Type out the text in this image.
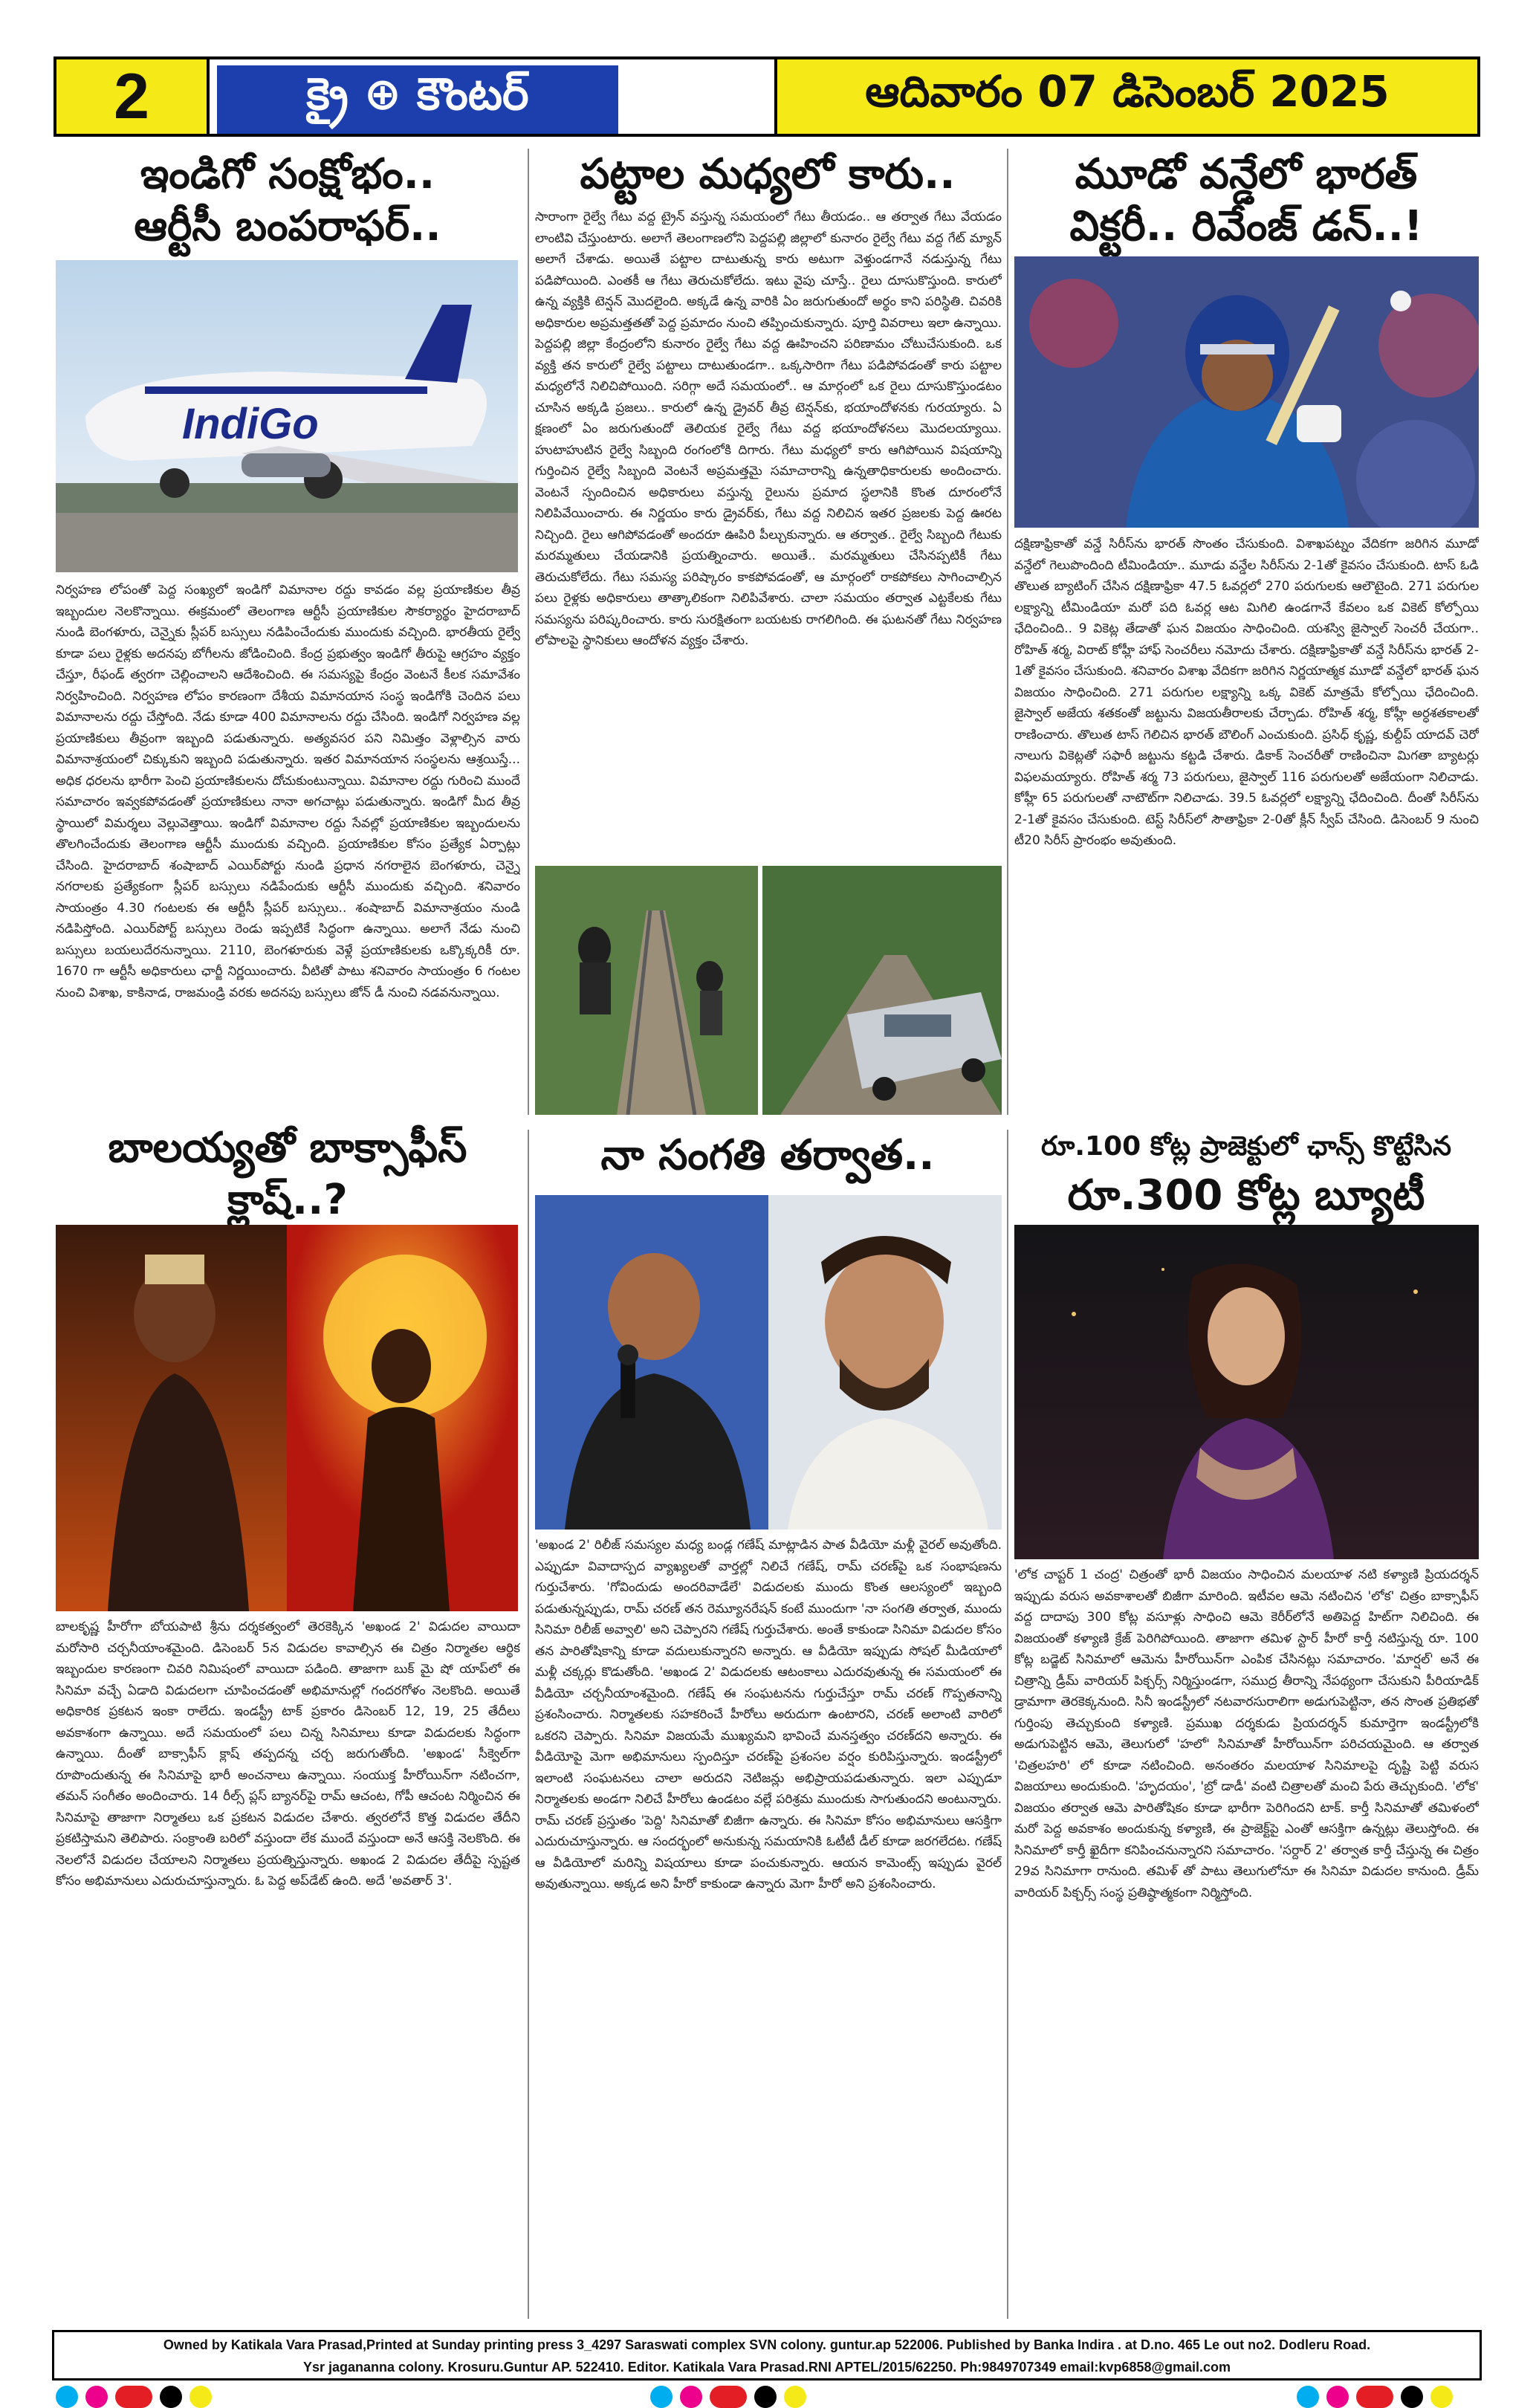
2	క్రై ⊕ కౌంటర్	ఆదివారం 07 డిసెంబర్ 2025
ఇండిగో సంక్షోభం..
ఆర్టీసీ బంపరాఫర్..
IndiGo

నిర్వహణ లోపంతో పెద్ద సంఖ్యలో ఇండిగో విమానాల రద్దు కావడం వల్ల ప్రయాణికుల తీవ్ర ఇబ్బందుల నెలకొన్నాయి. ఈక్రమంలో తెలంగాణ ఆర్టీసీ ప్రయాణికుల సౌకర్యార్థం హైదరాబాద్ నుండి బెంగళూరు, చెన్నైకు స్లీపర్ బస్సులు నడిపించేందుకు ముందుకు వచ్చింది. భారతీయ రైల్వే కూడా పలు రైళ్లకు అదనపు బోగీలను జోడించింది. కేంద్ర ప్రభుత్వం ఇండిగో తీరుపై ఆగ్రహం వ్యక్తం చేస్తూ, రీఫండ్ త్వరగా చెల్లించాలని ఆదేశించింది. ఈ సమస్యపై కేంద్రం వెంటనే కీలక సమావేశం నిర్వహించింది. నిర్వహణ లోపం కారణంగా దేశీయ విమానయాన సంస్థ ఇండిగోకి చెందిన పలు విమానాలను రద్దు చేస్తోంది. నేడు కూడా 400 విమానాలను రద్దు చేసింది. ఇండిగో నిర్వహణ వల్ల ప్రయాణికులు తీవ్రంగా ఇబ్బంది పడుతున్నారు. అత్యవసర పని నిమిత్తం వెళ్లాల్సిన వారు విమానాశ్రయంలో చిక్కుకుని ఇబ్బంది పడుతున్నారు. ఇతర విమానయాన సంస్థలను ఆశ్రయిస్తే... అధిక ధరలను భారీగా పెంచి ప్రయాణికులను దోచుకుంటున్నాయి. విమానాల రద్దు గురించి ముందే సమాచారం ఇవ్వకపోవడంతో ప్రయాణికులు నానా అగచాట్లు పడుతున్నారు. ఇండిగో మీద తీవ్ర స్థాయిలో విమర్శలు వెల్లువెత్తాయి. ఇండిగో విమానాల రద్దు సేవల్లో ప్రయాణికుల ఇబ్బందులను తొలగించేందుకు తెలంగాణ ఆర్టీసీ ముందుకు వచ్చింది. ప్రయాణికుల కోసం ప్రత్యేక ఏర్పాట్లు చేసింది. హైదరాబాద్ శంషాబాద్ ఎయిర్‌పోర్టు నుండి ప్రధాన నగరాలైన బెంగళూరు, చెన్నై నగరాలకు ప్రత్యేకంగా స్లీపర్ బస్సులు నడిపేందుకు ఆర్టీసీ ముందుకు వచ్చింది. శనివారం సాయంత్రం 4.30 గంటలకు ఈ ఆర్టీసీ స్లీపర్ బస్సులు.. శంషాబాద్ విమానాశ్రయం నుండి నడిపిస్తోంది. ఎయిర్‌పోర్ట్ బస్సులు రెండు ఇప్పటికే సిద్ధంగా ఉన్నాయి. అలాగే నేడు నుంచి బస్సులు బయలుదేరనున్నాయి. 2110, బెంగళూరుకు వెళ్లే ప్రయాణికులకు ఒక్కొక్కరికీ రూ. 1670 గా ఆర్టీసీ అధికారులు ఛార్జీ నిర్ణయించారు. వీటితో పాటు శనివారం సాయంత్రం 6 గంటల నుంచి విశాఖ, కాకినాడ, రాజమండ్రి వరకు అదనపు బస్సులు జోన్ డీ నుంచి నడవనున్నాయి.

పట్టాల మధ్యలో కారు..

సారాంగా రైల్వే గేటు వద్ద ట్రైన్ వస్తున్న సమయంలో గేటు తీయడం.. ఆ తర్వాత గేటు వేయడం లాంటివి చేస్తుంటారు. అలాగే తెలంగాణలోని పెద్దపల్లి జిల్లాలో కునారం రైల్వే గేటు వద్ద గేట్ మ్యాన్ అలాగే చేశాడు. అయితే పట్టాల దాటుతున్న కారు అటుగా వెళ్తుండగానే నడుస్తున్న గేటు పడిపోయింది. ఎంతకీ ఆ గేటు తెరుచుకోలేదు. ఇటు వైపు చూస్తే.. రైలు దూసుకొస్తుంది. కారులో ఉన్న వ్యక్తికి టెన్షన్ మొదలైంది. అక్కడే ఉన్న వారికి ఏం జరుగుతుందో అర్థం కాని పరిస్థితి. చివరికి అధికారుల అప్రమత్తతతో పెద్ద ప్రమాదం నుంచి తప్పించుకున్నారు. పూర్తి వివరాలు ఇలా ఉన్నాయి. పెద్దపల్లి జిల్లా కేంద్రంలోని కునారం రైల్వే గేటు వద్ద ఊహించని పరిణామం చోటుచేసుకుంది. ఒక వ్యక్తి తన కారులో రైల్వే పట్టాలు దాటుతుండగా.. ఒక్కసారిగా గేటు పడిపోవడంతో కారు పట్టాల మధ్యలోనే నిలిచిపోయింది. సరిగ్గా అదే సమయంలో.. ఆ మార్గంలో ఒక రైలు దూసుకొస్తుండటం చూసిన అక్కడి ప్రజలు.. కారులో ఉన్న డ్రైవర్ తీవ్ర టెన్షన్‌కు, భయాందోళనకు గురయ్యారు. ఏ క్షణంలో ఏం జరుగుతుందో తెలియక రైల్వే గేటు వద్ద భయాందోళనలు మొదలయ్యాయి. హుటాహుటిన రైల్వే సిబ్బంది రంగంలోకి దిగారు. గేటు మధ్యలో కారు ఆగిపోయిన విషయాన్ని గుర్తించిన రైల్వే సిబ్బంది వెంటనే అప్రమత్తమై సమాచారాన్ని ఉన్నతాధికారులకు అందించారు. వెంటనే స్పందించిన అధికారులు వస్తున్న రైలును ప్రమాద స్థలానికి కొంత దూరంలోనే నిలిపివేయించారు. ఈ నిర్ణయం కారు డ్రైవర్‌కు, గేటు వద్ద నిలిచిన ఇతర ప్రజలకు పెద్ద ఊరట నిచ్చింది. రైలు ఆగిపోవడంతో అందరూ ఊపిరి పీల్చుకున్నారు. ఆ తర్వాత.. రైల్వే సిబ్బంది గేటుకు మరమ్మతులు చేయడానికి ప్రయత్నించారు. అయితే.. మరమ్మతులు చేసినప్పటికీ గేటు తెరుచుకోలేదు. గేటు సమస్య పరిష్కారం కాకపోవడంతో, ఆ మార్గంలో రాకపోకలు సాగించాల్సిన పలు రైళ్లకు అధికారులు తాత్కాలికంగా నిలిపివేశారు. చాలా సమయం తర్వాత ఎట్టకేలకు గేటు సమస్యను పరిష్కరించారు. కారు సురక్షితంగా బయటకు రాగలిగింది. ఈ ఘటనతో గేటు నిర్వహణ లోపాలపై స్థానికులు ఆందోళన వ్యక్తం చేశారు.

మూడో వన్డేలో భారత్
విక్టరీ.. రివేంజ్ డన్..!

దక్షిణాఫ్రికాతో వన్డే సిరీస్‌ను భారత్ సొంతం చేసుకుంది. విశాఖపట్నం వేదికగా జరిగిన మూడో వన్డేలో గెలుపొందింది టీమిండియా.. మూడు వన్డేల సిరీస్‌ను 2-1తో కైవసం చేసుకుంది. టాస్ ఓడి తొలుత బ్యాటింగ్ చేసిన దక్షిణాఫ్రికా 47.5 ఓవర్లలో 270 పరుగులకు ఆలౌటైంది. 271 పరుగుల లక్ష్యాన్ని టీమిండియా మరో పది ఓవర్ల ఆట మిగిలి ఉండగానే కేవలం ఒక వికెట్ కోల్పోయి ఛేదించింది.. 9 వికెట్ల తేడాతో ఘన విజయం సాధించింది. యశస్వి జైస్వాల్ సెంచరీ చేయగా.. రోహిత్ శర్మ, విరాట్ కోహ్లీ హాఫ్ సెంచరీలు నమోదు చేశారు. దక్షిణాఫ్రికాతో వన్డే సిరీస్‌ను భారత్ 2-1తో కైవసం చేసుకుంది. శనివారం విశాఖ వేదికగా జరిగిన నిర్ణయాత్మక మూడో వన్డేలో భారత్ ఘన విజయం సాధించింది. 271 పరుగుల లక్ష్యాన్ని ఒక్క వికెట్ మాత్రమే కోల్పోయి ఛేదించింది. జైస్వాల్ అజేయ శతకంతో జట్టును విజయతీరాలకు చేర్చాడు. రోహిత్ శర్మ, కోహ్లీ అర్ధశతకాలతో రాణించారు. తొలుత టాస్ గెలిచిన భారత్ బౌలింగ్ ఎంచుకుంది. ప్రసిధ్ కృష్ణ, కుల్దీప్ యాదవ్ చెరో నాలుగు వికెట్లతో సఫారీ జట్టును కట్టడి చేశారు. డికాక్ సెంచరీతో రాణించినా మిగతా బ్యాటర్లు విఫలమయ్యారు. రోహిత్ శర్మ 73 పరుగులు, జైస్వాల్ 116 పరుగులతో అజేయంగా నిలిచాడు. కోహ్లీ 65 పరుగులతో నాటౌట్‌గా నిలిచాడు. 39.5 ఓవర్లలో లక్ష్యాన్ని ఛేదించింది. దీంతో సిరీస్‌ను 2-1తో కైవసం చేసుకుంది. టెస్ట్ సిరీస్‌లో సౌతాఫ్రికా 2-0తో క్లీన్ స్వీప్ చేసింది. డిసెంబర్ 9 నుంచి టీ20 సిరీస్ ప్రారంభం అవుతుంది.

బాలయ్యతో బాక్సాఫీస్
క్లాష్..?

బాలకృష్ణ హీరోగా బోయపాటి శ్రీను దర్శకత్వంలో తెరకెక్కిన 'అఖండ 2' విడుదల వాయిదా మరోసారి చర్చనీయాంశమైంది. డిసెంబర్ 5న విడుదల కావాల్సిన ఈ చిత్రం నిర్మాతల ఆర్థిక ఇబ్బందుల కారణంగా చివరి నిమిషంలో వాయిదా పడింది. తాజాగా బుక్ మై షో యాప్‌లో ఈ సినిమా వచ్చే ఏడాది విడుదలగా చూపించడంతో అభిమానుల్లో గందరగోళం నెలకొంది. అయితే అధికారిక ప్రకటన ఇంకా రాలేదు. ఇండస్ట్రీ టాక్ ప్రకారం డిసెంబర్ 12, 19, 25 తేదీలు అవకాశంగా ఉన్నాయి. అదే సమయంలో పలు చిన్న సినిమాలు కూడా విడుదలకు సిద్ధంగా ఉన్నాయి. దీంతో బాక్సాఫీస్ క్లాష్ తప్పదన్న చర్చ జరుగుతోంది. 'అఖండ' సీక్వెల్‌గా రూపొందుతున్న ఈ సినిమాపై భారీ అంచనాలు ఉన్నాయి. సంయుక్త హీరోయిన్‌గా నటించగా, తమన్ సంగీతం అందించారు. 14 రీల్స్ ప్లస్ బ్యానర్‌పై రామ్ ఆచంట, గోపీ ఆచంట నిర్మించిన ఈ సినిమాపై తాజాగా నిర్మాతలు ఒక ప్రకటన విడుదల చేశారు. త్వరలోనే కొత్త విడుదల తేదీని ప్రకటిస్తామని తెలిపారు. సంక్రాంతి బరిలో వస్తుందా లేక ముందే వస్తుందా అనే ఆసక్తి నెలకొంది. ఈ నెలలోనే విడుదల చేయాలని నిర్మాతలు ప్రయత్నిస్తున్నారు. అఖండ 2 విడుదల తేదీపై స్పష్టత కోసం అభిమానులు ఎదురుచూస్తున్నారు. ఓ పెద్ద అప్‌డేట్ ఉంది. అదే 'అవతార్ 3'.

నా సంగతి తర్వాత..

'అఖండ 2' రిలీజ్ సమస్యల మధ్య బండ్ల గణేష్ మాట్లాడిన పాత వీడియో మళ్లీ వైరల్ అవుతోంది. ఎప్పుడూ వివాదాస్పద వ్యాఖ్యలతో వార్తల్లో నిలిచే గణేష్, రామ్ చరణ్‌పై ఒక సంభాషణను గుర్తుచేశారు. 'గోవిందుడు అందరివాడేలే' విడుదలకు ముందు కొంత ఆలస్యంలో ఇబ్బంది పడుతున్నప్పుడు, రామ్ చరణ్ తన రెమ్యూనరేషన్ కంటే ముందుగా 'నా సంగతి తర్వాత, ముందు సినిమా రిలీజ్ అవ్వాలి' అని చెప్పారని గణేష్ గుర్తుచేశారు. అంతే కాకుండా సినిమా విడుదల కోసం తన పారితోషికాన్ని కూడా వదులుకున్నారని అన్నారు. ఆ వీడియో ఇప్పుడు సోషల్ మీడియాలో మళ్లీ చక్కర్లు కొడుతోంది. 'అఖండ 2' విడుదలకు ఆటంకాలు ఎదురవుతున్న ఈ సమయంలో ఈ వీడియో చర్చనీయాంశమైంది. గణేష్ ఈ సంఘటనను గుర్తుచేస్తూ రామ్ చరణ్ గొప్పతనాన్ని ప్రశంసించారు. నిర్మాతలకు సహకరించే హీరోలు అరుదుగా ఉంటారని, చరణ్ అలాంటి వారిలో ఒకరని చెప్పారు. సినిమా విజయమే ముఖ్యమని భావించే మనస్తత్వం చరణ్‌దని అన్నారు. ఈ వీడియోపై మెగా అభిమానులు స్పందిస్తూ చరణ్‌పై ప్రశంసల వర్షం కురిపిస్తున్నారు. ఇండస్ట్రీలో ఇలాంటి సంఘటనలు చాలా అరుదని నెటిజన్లు అభిప్రాయపడుతున్నారు. ఇలా ఎప్పుడూ నిర్మాతలకు అండగా నిలిచే హీరోలు ఉండటం వల్లే పరిశ్రమ ముందుకు సాగుతుందని అంటున్నారు. రామ్ చరణ్ ప్రస్తుతం 'పెద్ది' సినిమాతో బిజీగా ఉన్నారు. ఈ సినిమా కోసం అభిమానులు ఆసక్తిగా ఎదురుచూస్తున్నారు. ఆ సందర్భంలో అనుకున్న సమయానికి ఓటీటీ డీల్ కూడా జరగలేదట. గణేష్ ఆ వీడియోలో మరిన్ని విషయాలు కూడా పంచుకున్నారు. ఆయన కామెంట్స్ ఇప్పుడు వైరల్ అవుతున్నాయి. అక్కడ అని హీరో కాకుండా ఉన్నారు మెగా హీరో అని ప్రశంసించారు.

రూ.100 కోట్ల ప్రాజెక్టులో ఛాన్స్ కొట్టేసిన
రూ.300 కోట్ల బ్యూటీ

'లోక చాప్టర్ 1 చంద్ర' చిత్రంతో భారీ విజయం సాధించిన మలయాళ నటి కళ్యాణి ప్రియదర్శన్ ఇప్పుడు వరుస అవకాశాలతో బిజీగా మారింది. ఇటీవల ఆమె నటించిన 'లోక' చిత్రం బాక్సాఫీస్ వద్ద దాదాపు 300 కోట్ల వసూళ్లు సాధించి ఆమె కెరీర్‌లోనే అతిపెద్ద హిట్‌గా నిలిచింది. ఈ విజయంతో కళ్యాణి క్రేజ్ పెరిగిపోయింది. తాజాగా తమిళ స్టార్ హీరో కార్తీ నటిస్తున్న రూ. 100 కోట్ల బడ్జెట్ సినిమాలో ఆమెను హీరోయిన్‌గా ఎంపిక చేసినట్లు సమాచారం. 'మార్షల్' అనే ఈ చిత్రాన్ని డ్రీమ్ వారియర్ పిక్చర్స్ నిర్మిస్తుండగా, సముద్ర తీరాన్ని నేపథ్యంగా చేసుకుని పీరియాడిక్ డ్రామాగా తెరకెక్కనుంది. సినీ ఇండస్ట్రీలో నటవారసురాలిగా అడుగుపెట్టినా, తన సొంత ప్రతిభతో గుర్తింపు తెచ్చుకుంది కళ్యాణి. ప్రముఖ దర్శకుడు ప్రియదర్శన్ కుమార్తెగా ఇండస్ట్రీలోకి అడుగుపెట్టిన ఆమె, తెలుగులో 'హలో' సినిమాతో హీరోయిన్‌గా పరిచయమైంది. ఆ తర్వాత 'చిత్రలహరి' లో కూడా నటించింది. అనంతరం మలయాళ సినిమాలపై దృష్టి పెట్టి వరుస విజయాలు అందుకుంది. 'హృదయం', 'బ్రో డాడీ' వంటి చిత్రాలతో మంచి పేరు తెచ్చుకుంది. 'లోక' విజయం తర్వాత ఆమె పారితోషికం కూడా భారీగా పెరిగిందని టాక్. కార్తీ సినిమాతో తమిళంలో మరో పెద్ద అవకాశం అందుకున్న కళ్యాణి, ఈ ప్రాజెక్ట్‌పై ఎంతో ఆసక్తిగా ఉన్నట్లు తెలుస్తోంది. ఈ సినిమాలో కార్తీ ఖైదీగా కనిపించనున్నారని సమాచారం. 'సర్దార్ 2' తర్వాత కార్తీ చేస్తున్న ఈ చిత్రం 29వ సినిమాగా రానుంది. తమిళ్ తో పాటు తెలుగులోనూ ఈ సినిమా విడుదల కానుంది. డ్రీమ్ వారియర్ పిక్చర్స్ సంస్థ ప్రతిష్ఠాత్మకంగా నిర్మిస్తోంది.

Owned by Katikala Vara Prasad,Printed at Sunday printing press 3_4297 Saraswati complex SVN colony. guntur.ap 522006. Published by Banka Indira . at D.no. 465 Le out no2. Dodleru Road.
Ysr jagananna colony. Krosuru.Guntur AP. 522410. Editor. Katikala Vara Prasad.RNI APTEL/2015/62250. Ph:9849707349 email:kvp6858@gmail.com
